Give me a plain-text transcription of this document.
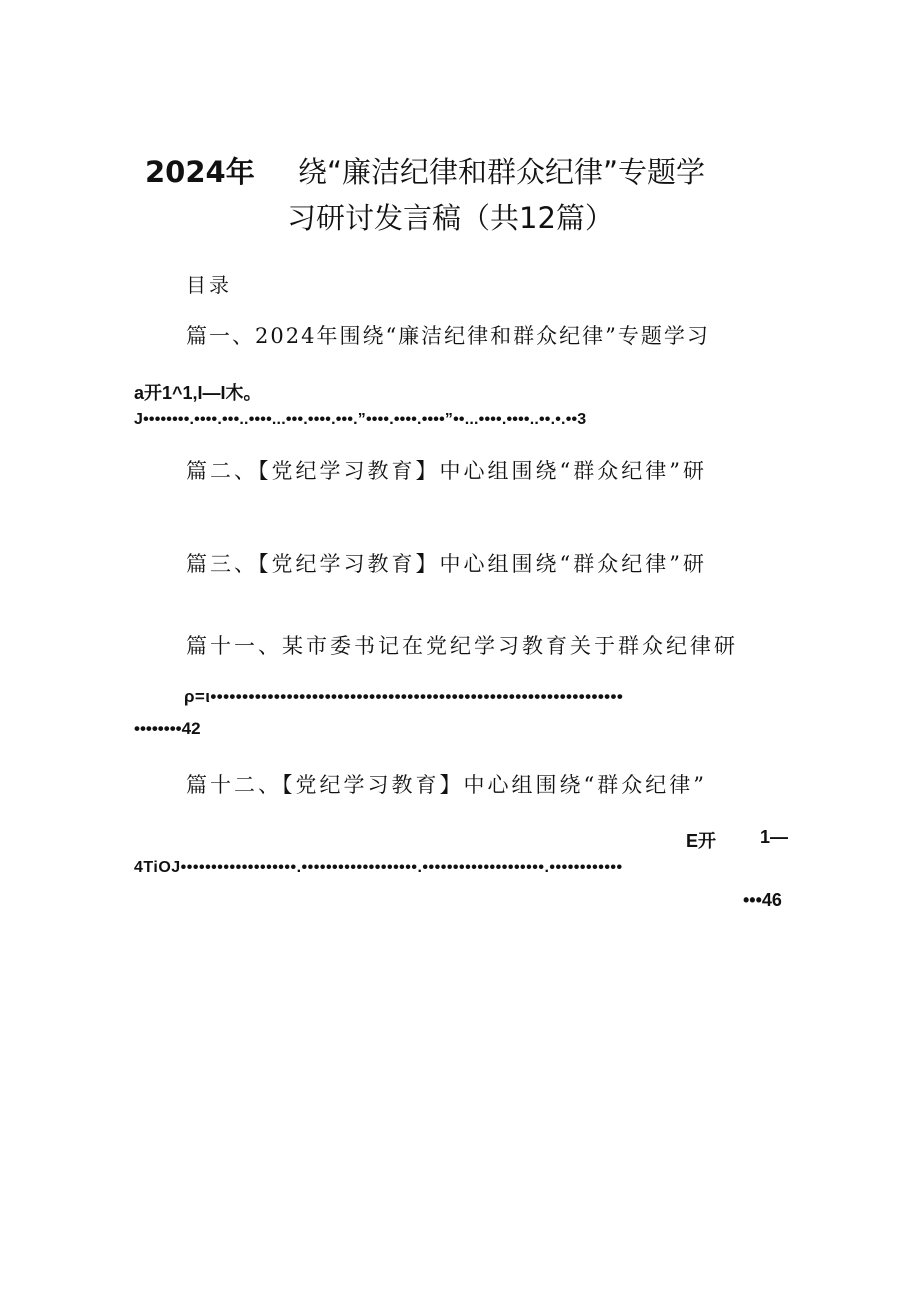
2024年 绕“廉洁纪律和群众纪律”专题学
习研讨发言稿（共12篇）
目录
篇一、2024年围绕“廉洁纪律和群众纪律”专题学习
a开1^1,I—I木。
J••••••••.••••.•••..••••...•••.••••.•••.”••••.••••.••••”••...••••.••••..••.•.••3
篇二、【党纪学习教育】中心组围绕“群众纪律”研
篇三、【党纪学习教育】中心组围绕“群众纪律”研
篇十一、某市委书记在党纪学习教育关于群众纪律研
ρ=ι•••••••••••••••••••••••••••••••••••••••••••••••••••••••••••••••••
••••••••42
篇十二、【党纪学习教育】中心组围绕“群众纪律”
E开 1—
4TiOJ•••••••••••••••••••.•••••••••••••••••••.••••••••••••••••••••.••••••••••••
•••46
